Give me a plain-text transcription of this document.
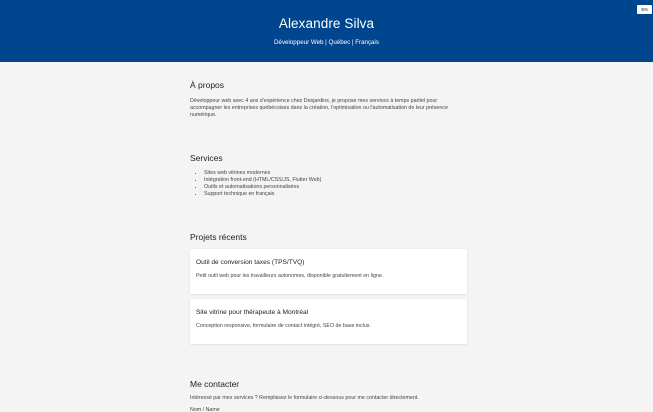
Alexandre Silva
Développeur Web | Québec | Français
EN
À propos

Développeur web avec 4 ans d'expérience chez Desjardins, je propose mes services à temps partiel pour accompagner les entreprises québécoises dans la création, l'optimisation ou l'automatisation de leur présence numérique.

Services
• Sites web vitrines modernes
• Intégration front-end (HTML/CSS/JS, Flutter Web)
• Outils et automatisations personnalisées
• Support technique en français
Projets récents
Outil de conversion taxes (TPS/TVQ)

Petit outil web pour les travailleurs autonomes, disponible gratuitement en ligne.

Site vitrine pour thérapeute à Montréal

Conception responsive, formulaire de contact intégré, SEO de base inclus.

Me contacter

Intéressé par mes services ? Remplissez le formulaire ci-dessous pour me contacter directement.

Nom / Name
